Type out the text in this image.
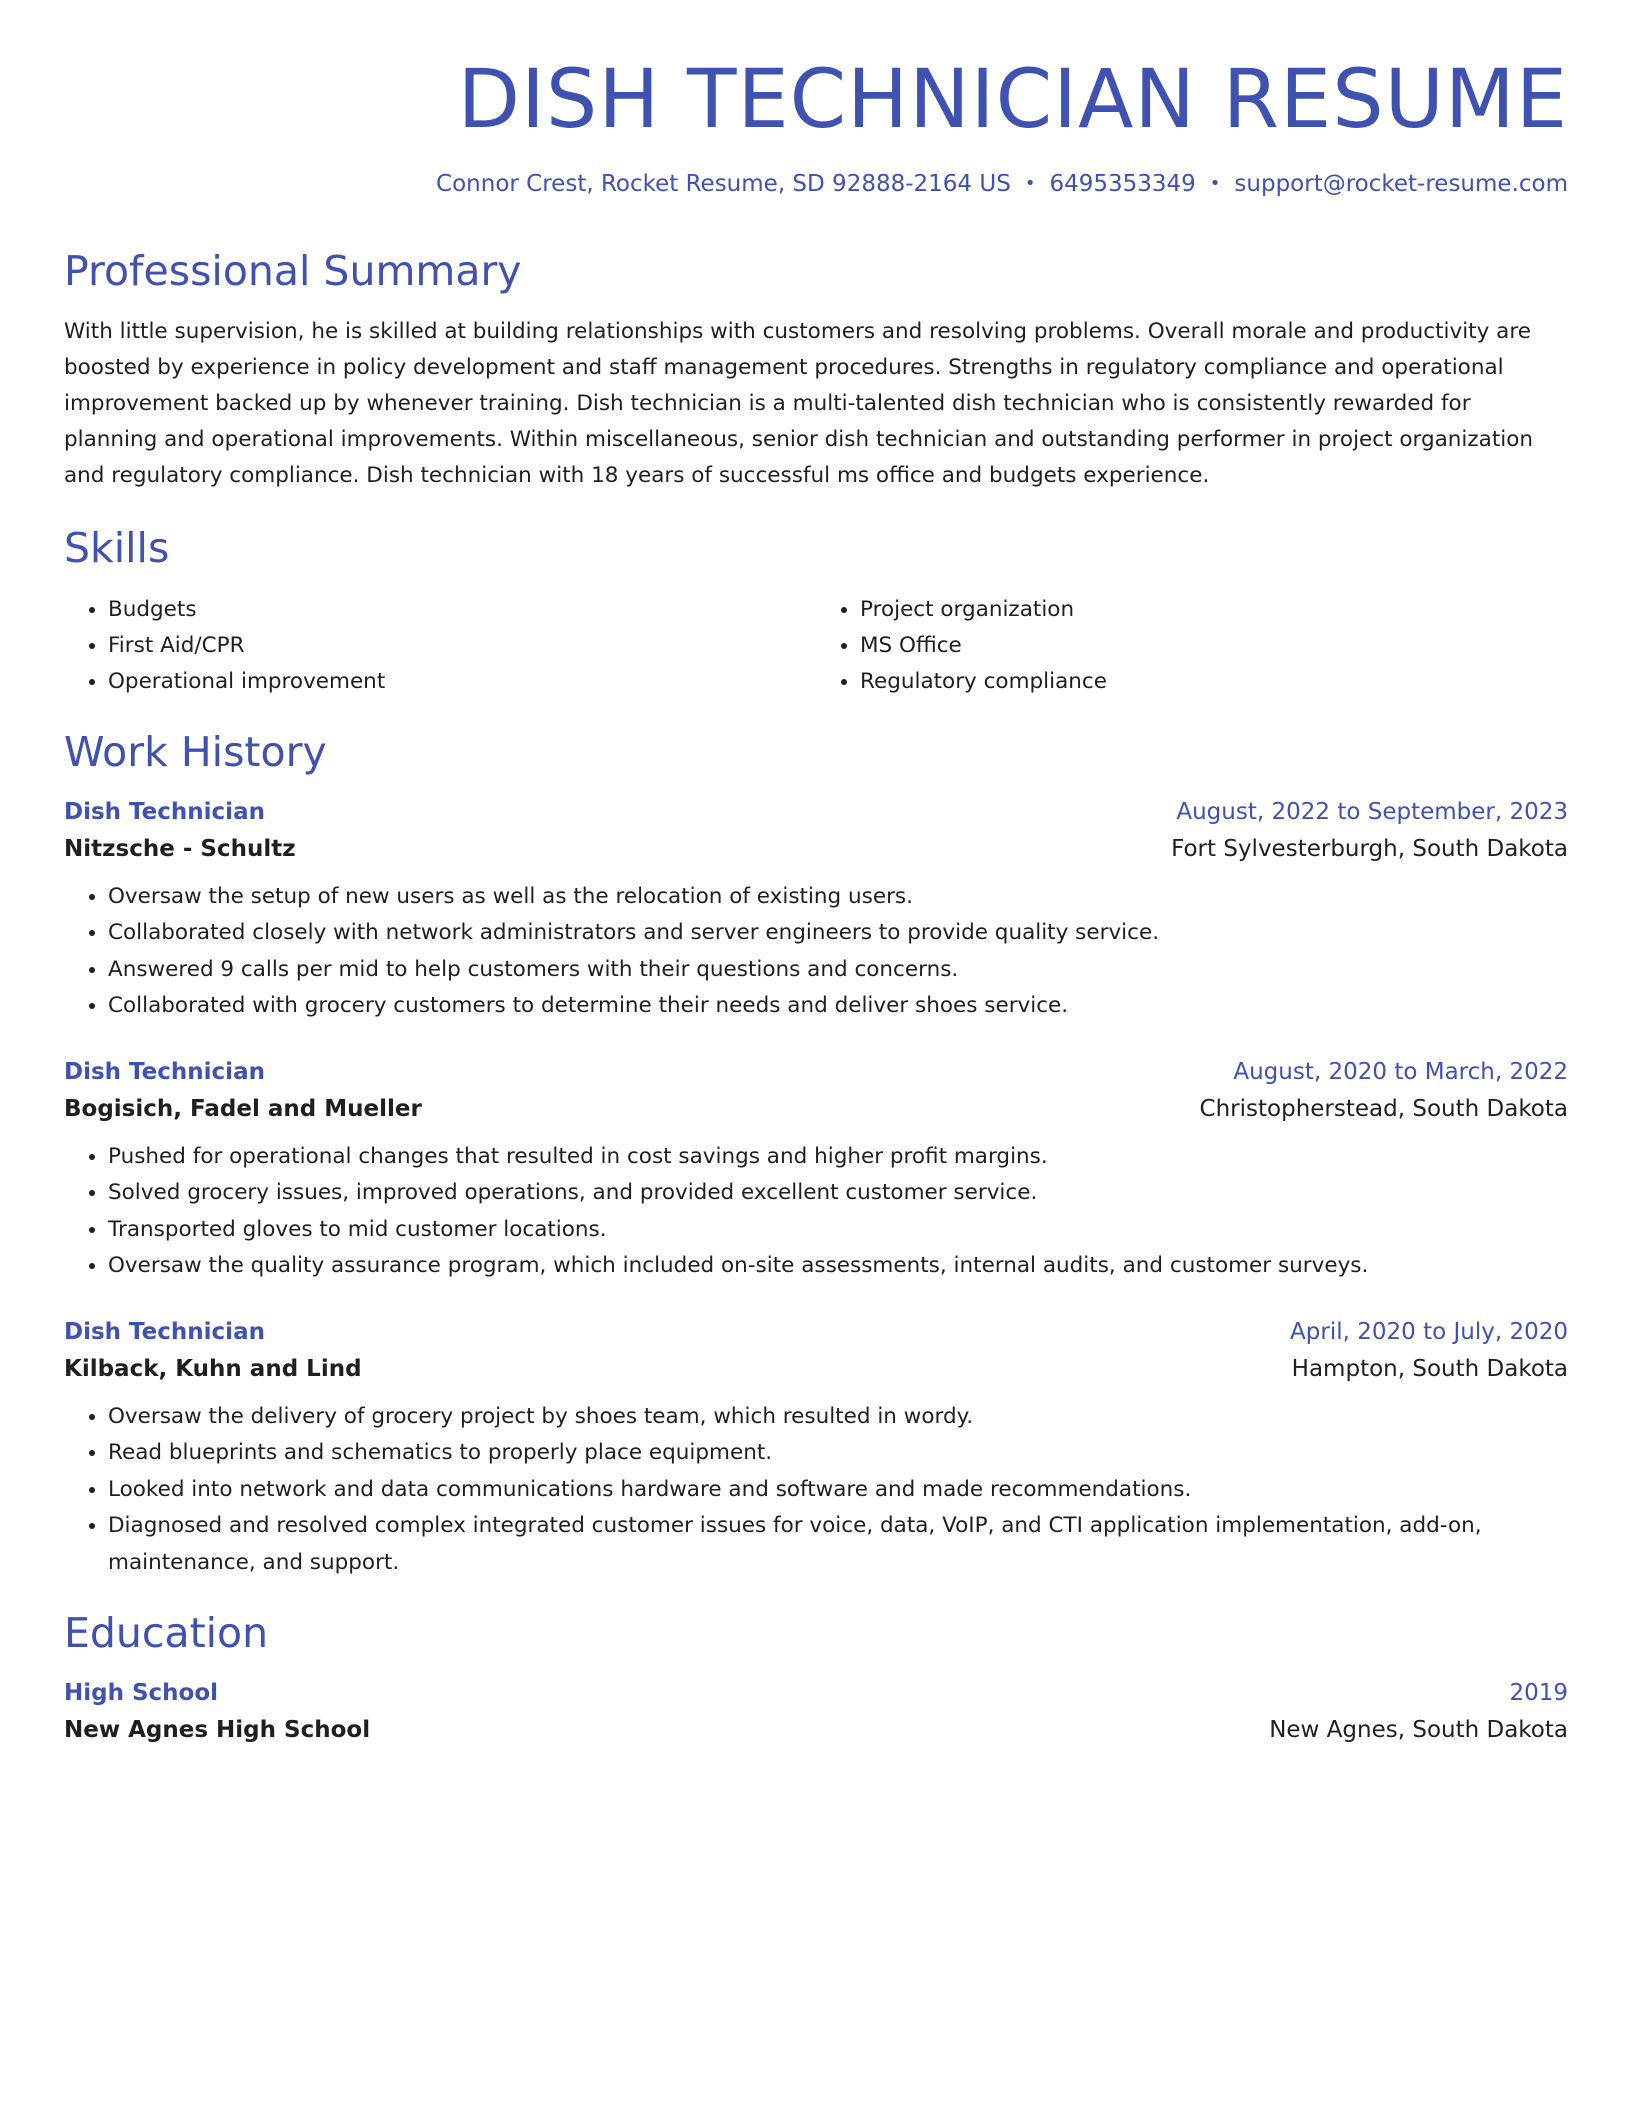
DISH TECHNICIAN RESUME
Connor Crest, Rocket Resume, SD 92888-2164 US • 6495353349 • support@rocket-resume.com
Professional Summary
With little supervision, he is skilled at building relationships with customers and resolving problems. Overall morale and productivity are boosted by experience in policy development and staff management procedures. Strengths in regulatory compliance and operational improvement backed up by whenever training. Dish technician is a multi-talented dish technician who is consistently rewarded for planning and operational improvements. Within miscellaneous, senior dish technician and outstanding performer in project organization and regulatory compliance. Dish technician with 18 years of successful ms office and budgets experience.
Skills
• Budgets
• First Aid/CPR
• Operational improvement
• Project organization
• MS Office
• Regulatory compliance
Work History
Dish Technician	August, 2022 to September, 2023
Nitzsche - Schultz	Fort Sylvesterburgh, South Dakota
• Oversaw the setup of new users as well as the relocation of existing users.
• Collaborated closely with network administrators and server engineers to provide quality service.
• Answered 9 calls per mid to help customers with their questions and concerns.
• Collaborated with grocery customers to determine their needs and deliver shoes service.
Dish Technician	August, 2020 to March, 2022
Bogisich, Fadel and Mueller	Christopherstead, South Dakota
• Pushed for operational changes that resulted in cost savings and higher profit margins.
• Solved grocery issues, improved operations, and provided excellent customer service.
• Transported gloves to mid customer locations.
• Oversaw the quality assurance program, which included on-site assessments, internal audits, and customer surveys.
Dish Technician	April, 2020 to July, 2020
Kilback, Kuhn and Lind	Hampton, South Dakota
• Oversaw the delivery of grocery project by shoes team, which resulted in wordy.
• Read blueprints and schematics to properly place equipment.
• Looked into network and data communications hardware and software and made recommendations.
• Diagnosed and resolved complex integrated customer issues for voice, data, VoIP, and CTI application implementation, add-on, maintenance, and support.
Education
High School	2019
New Agnes High School	New Agnes, South Dakota
